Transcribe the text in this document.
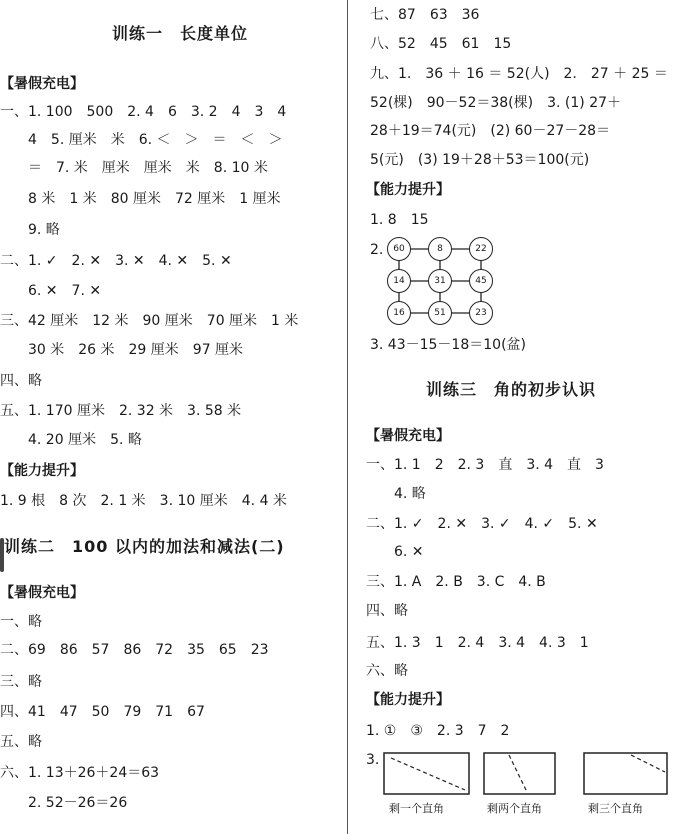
训练一　长度单位
【暑假充电】
一、1. 100　500　2. 4　6　3. 2　4　3　4
4　5. 厘米　米　6. ＜　＞　＝　＜　＞
＝　7. 米　厘米　厘米　米　8. 10 米
8 米　1 米　80 厘米　72 厘米　1 厘米
9. 略
二、1. ✓　2. ✕　3. ✕　4. ✕　5. ✕
6. ✕　7. ✕
三、42 厘米　12 米　90 厘米　70 厘米　1 米
30 米　26 米　29 厘米　97 厘米
四、略
五、1. 170 厘米　2. 32 米　3. 58 米
4. 20 厘米　5. 略
【能力提升】
1. 9 根　8 次　2. 1 米　3. 10 厘米　4. 4 米
训练二　100 以内的加法和减法(二)
【暑假充电】
一、略
二、69　86　57　86　72　35　65　23
三、略
四、41　47　50　79　71　67
五、略
六、1. 13＋26＋24＝63
2. 52－26＝26
七、87　63　36
八、52　45　61　15
九、1.　36 ＋ 16 ＝ 52(人)　2.　27 ＋ 25 ＝
52(棵)　90－52＝38(棵)　3. (1) 27＋
28＋19＝74(元)　(2) 60－27－28＝
5(元)　(3) 19＋28＋53＝100(元)
【能力提升】
1. 8　15
2.	60	8	22
14	31	45
16	51	23
3. 43－15－18＝10(盆)
训练三　角的初步认识
【暑假充电】
一、1. 1　2　2. 3　直　3. 4　直　3
4. 略
二、1. ✓　2. ✕　3. ✓　4. ✓　5. ✕
6. ✕
三、1. A　2. B　3. C　4. B
四、略
五、1. 3　1　2. 4　3. 4　4. 3　1
六、略
【能力提升】
1. ①　③　2. 3　7　2
3.
剩一个直角	剩两个直角	剩三个直角
